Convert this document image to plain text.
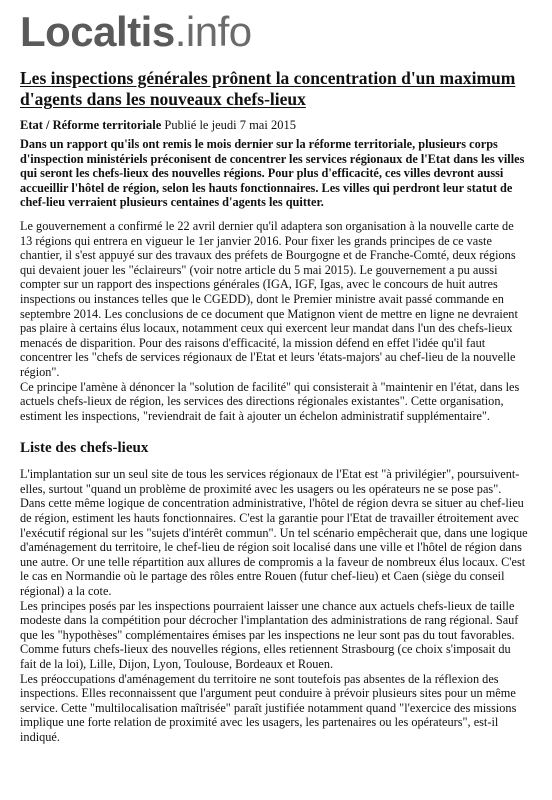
Localtis.info
Les inspections générales prônent la concentration d'un maximum d'agents dans les nouveaux chefs-lieux
Etat / Réforme territoriale Publié le jeudi 7 mai 2015
Dans un rapport qu'ils ont remis le mois dernier sur la réforme territoriale, plusieurs corps d'inspection ministériels préconisent de concentrer les services régionaux de l'Etat dans les villes qui seront les chefs-lieux des nouvelles régions. Pour plus d'efficacité, ces villes devront aussi accueillir l'hôtel de région, selon les hauts fonctionnaires. Les villes qui perdront leur statut de chef-lieu verraient plusieurs centaines d'agents les quitter.

Le gouvernement a confirmé le 22 avril dernier qu'il adaptera son organisation à la nouvelle carte de 13 régions qui entrera en vigueur le 1er janvier 2016. Pour fixer les grands principes de ce vaste chantier, il s'est appuyé sur des travaux des préfets de Bourgogne et de Franche-Comté, deux régions qui devaient jouer les "éclaireurs" (voir notre article du 5 mai 2015). Le gouvernement a pu aussi compter sur un rapport des inspections générales (IGA, IGF, Igas, avec le concours de huit autres inspections ou instances telles que le CGEDD), dont le Premier ministre avait passé commande en septembre 2014. Les conclusions de ce document que Matignon vient de mettre en ligne ne devraient pas plaire à certains élus locaux, notamment ceux qui exercent leur mandat dans l'un des chefs-lieux menacés de disparition. Pour des raisons d'efficacité, la mission défend en effet l'idée qu'il faut concentrer les "chefs de services régionaux de l'Etat et leurs 'états-majors' au chef-lieu de la nouvelle région".

Ce principe l'amène à dénoncer la "solution de facilité" qui consisterait à "maintenir en l'état, dans les actuels chefs-lieux de région, les services des directions régionales existantes". Cette organisation, estiment les inspections, "reviendrait de fait à ajouter un échelon administratif supplémentaire".

Liste des chefs-lieux

L'implantation sur un seul site de tous les services régionaux de l'Etat est "à privilégier", poursuivent-elles, surtout "quand un problème de proximité avec les usagers ou les opérateurs ne se pose pas".

Dans cette même logique de concentration administrative, l'hôtel de région devra se situer au chef-lieu de région, estiment les hauts fonctionnaires. C'est la garantie pour l'Etat de travailler étroitement avec l'exécutif régional sur les "sujets d'intérêt commun". Un tel scénario empêcherait que, dans une logique d'aménagement du territoire, le chef-lieu de région soit localisé dans une ville et l'hôtel de région dans une autre. Or une telle répartition aux allures de compromis a la faveur de nombreux élus locaux. C'est le cas en Normandie où le partage des rôles entre Rouen (futur chef-lieu) et Caen (siège du conseil régional) a la cote.

Les principes posés par les inspections pourraient laisser une chance aux actuels chefs-lieux de taille modeste dans la compétition pour décrocher l'implantation des administrations de rang régional. Sauf que les "hypothèses" complémentaires émises par les inspections ne leur sont pas du tout favorables. Comme futurs chefs-lieux des nouvelles régions, elles retiennent Strasbourg (ce choix s'imposait du fait de la loi), Lille, Dijon, Lyon, Toulouse, Bordeaux et Rouen.

Les préoccupations d'aménagement du territoire ne sont toutefois pas absentes de la réflexion des inspections. Elles reconnaissent que l'argument peut conduire à prévoir plusieurs sites pour un même service. Cette "multilocalisation maîtrisée" paraît justifiée notamment quand "l'exercice des missions implique une forte relation de proximité avec les usagers, les partenaires ou les opérateurs", est-il indiqué.
